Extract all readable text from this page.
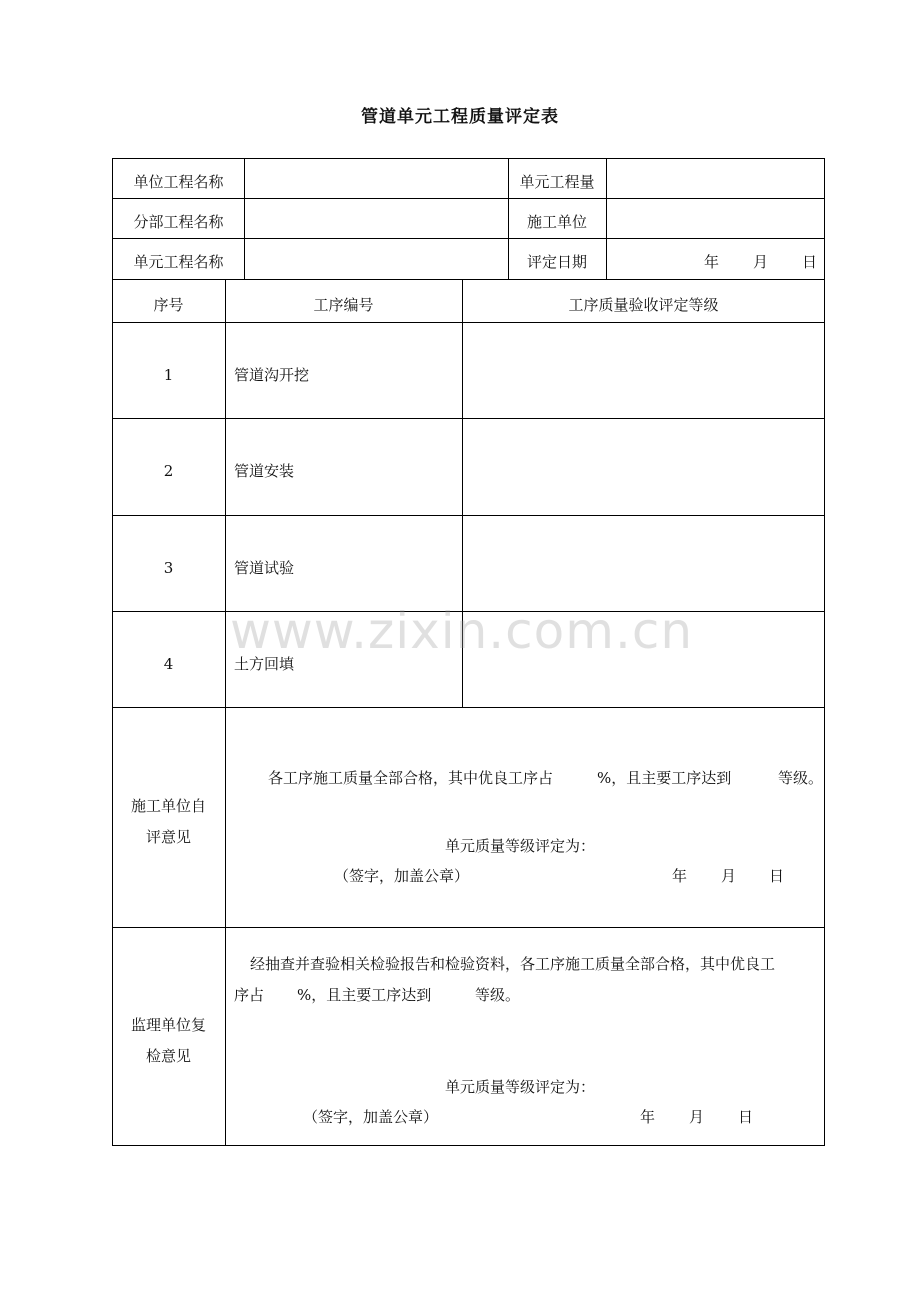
管道单元工程质量评定表
单位工程名称	单元工程量
分部工程名称	施工单位
单元工程名称	评定日期	年 月 日
序号	工序编号	工序质量验收评定等级
1	管道沟开挖
2	管道安装
3	管道试验
4	土方回填
施工单位自
评意见
各工序施工质量全部合格，其中优良工序占	%，且主要工序达到	等级。
单元质量等级评定为：
（签字，加盖公章）	年 月 日
监理单位复
检意见
经抽查并查验相关检验报告和检验资料，各工序施工质量全部合格，其中优良工
序占 %，且主要工序达到	等级。
单元质量等级评定为：
（签字，加盖公章）	年 月 日
www.zixin.com.cn
